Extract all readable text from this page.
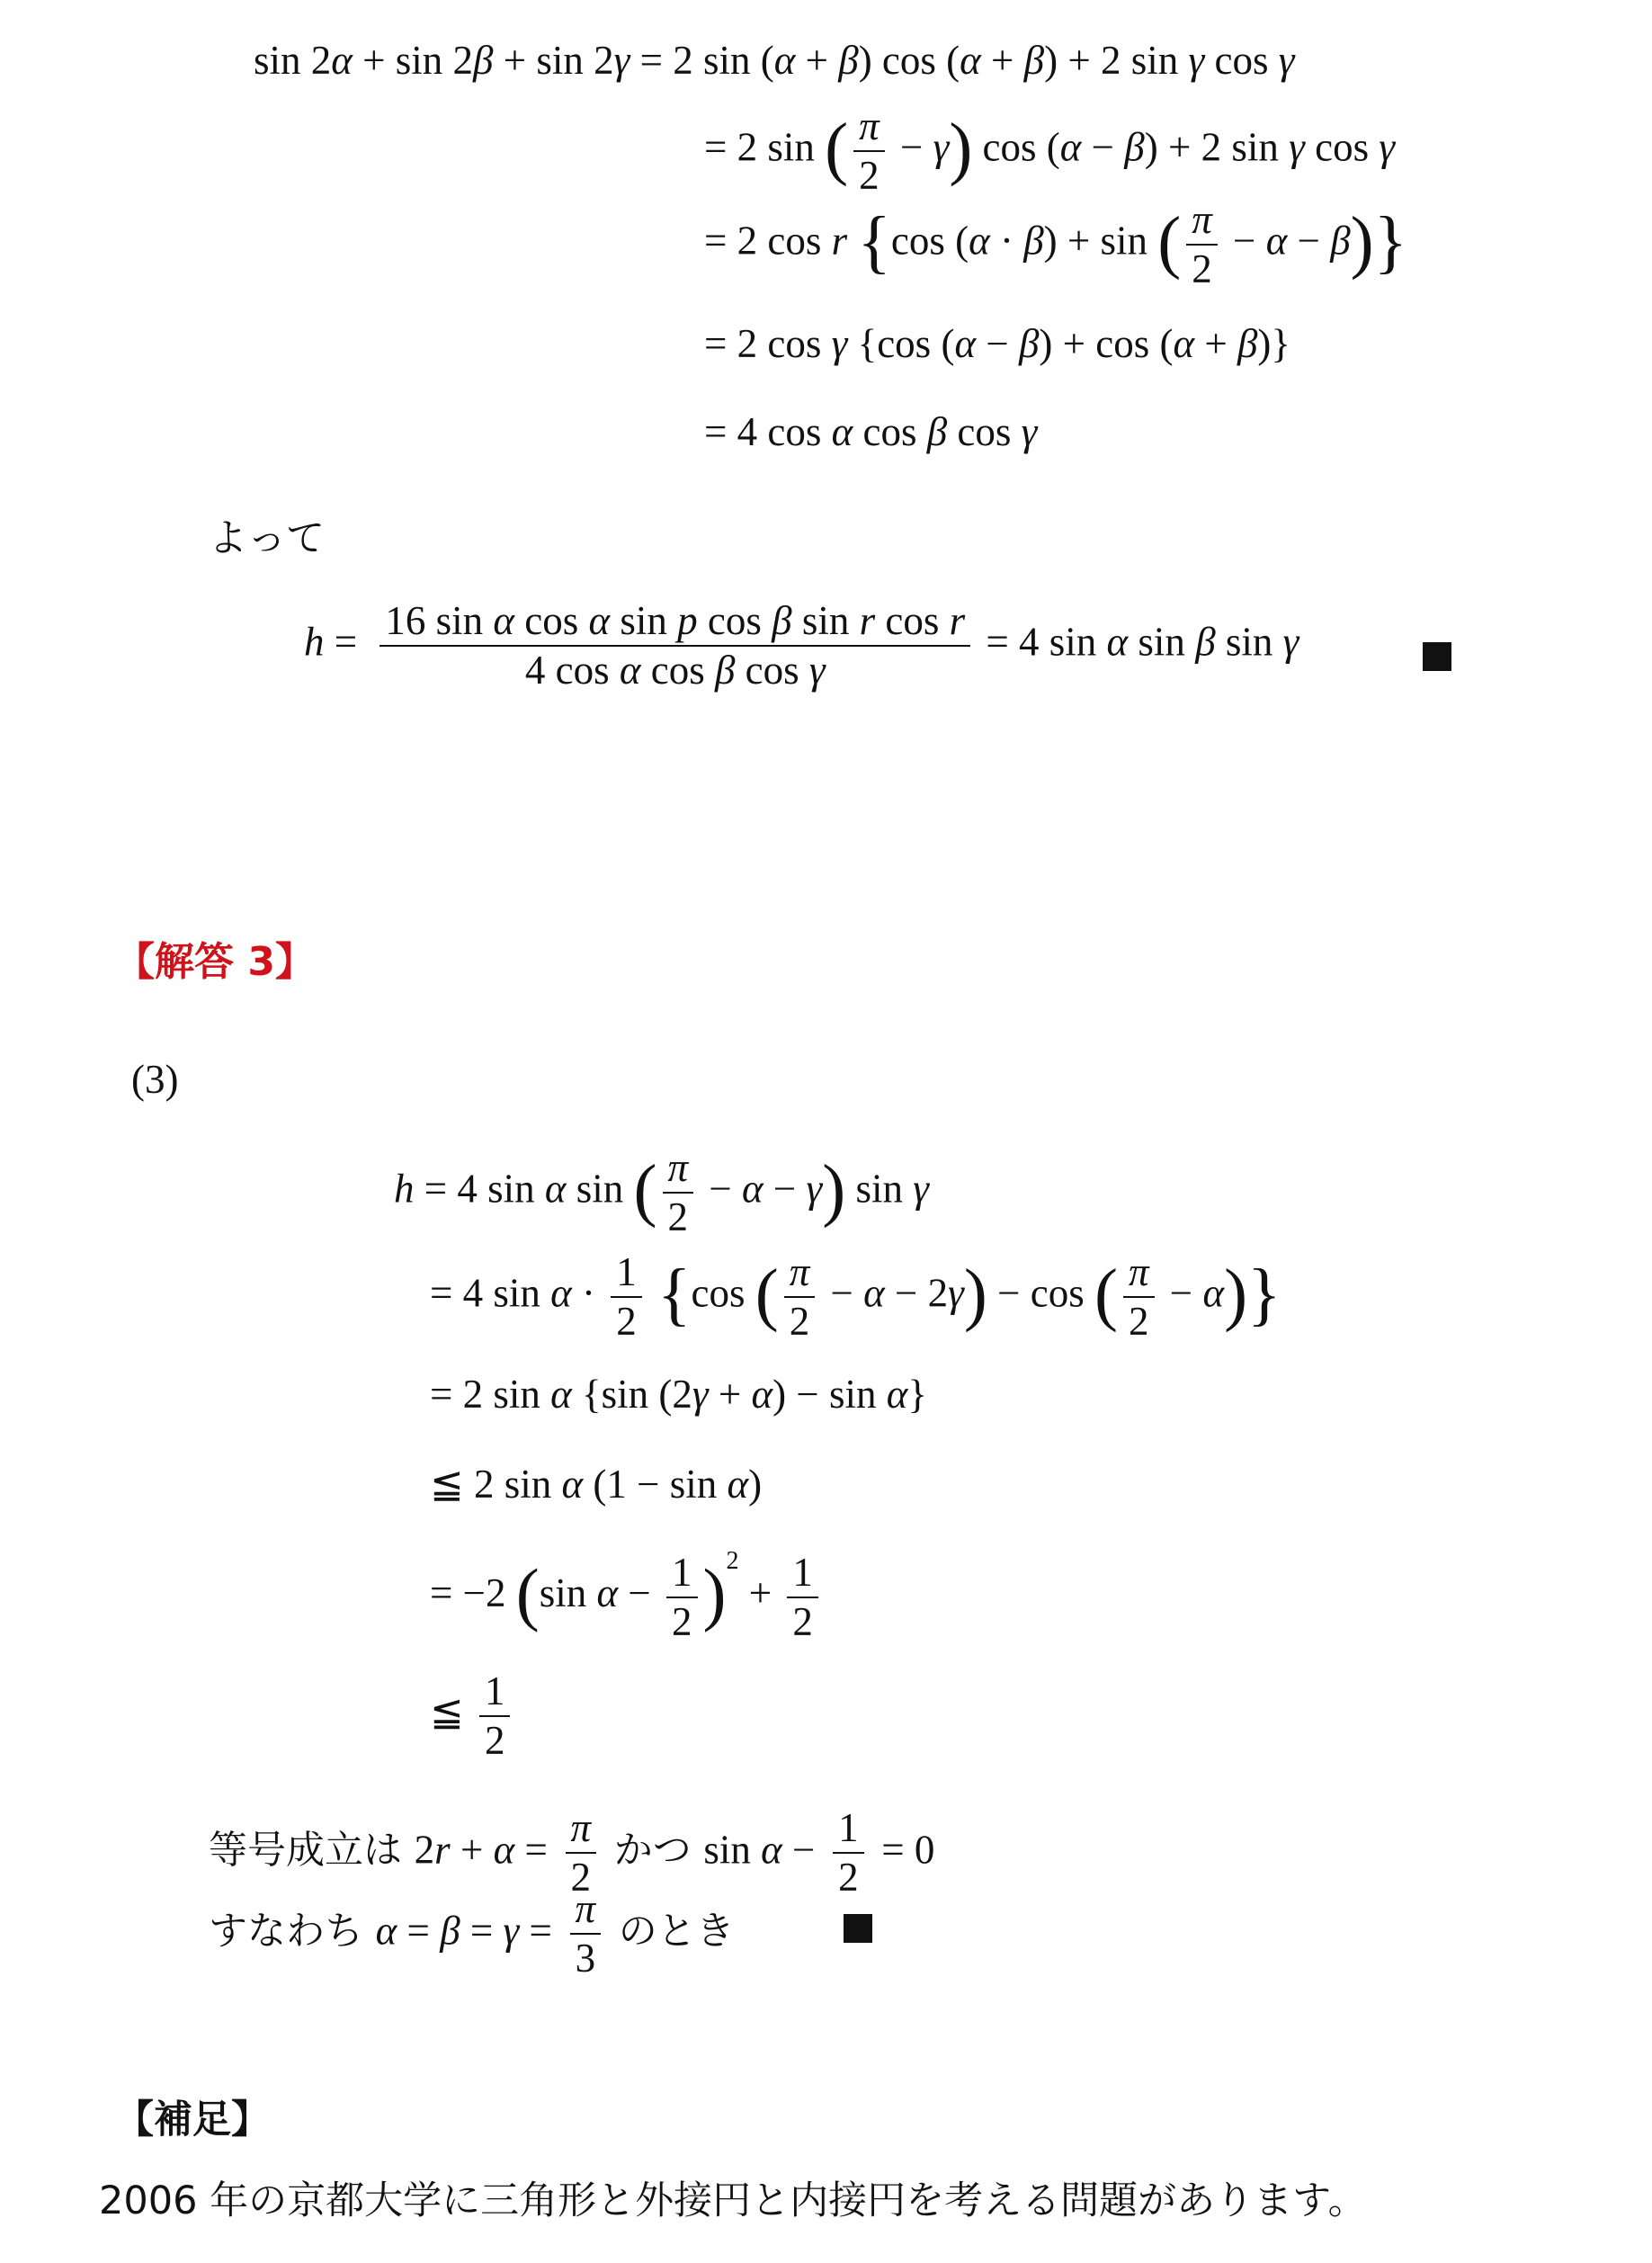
sin 2α + sin 2β + sin 2γ = 2 sin (α + β) cos (α + β) + 2 sin γ cos γ
= 2 sin ( $\frac{\pi}{2} - \gamma$) cos (α − β) + 2 sin γ cos γ
= 2 cos r {cos (α · β) + sin ( $\frac{\pi}{2} - \alpha - \beta$)}
= 2 cos γ {cos (α − β) + cos (α + β)}
= 4 cos α cos β cos γ
よって
$h = \frac{\text{16 sin α cos α sin p cos β sin r cos r}}{\text{4 cos α cos β cos γ}} = 4$ sin α sin β sin γ
【解答 3】
(3)
h = 4 sin α sin ( $\frac{\pi}{2} - \alpha - \gamma$) sin γ
= 4 $\sin \alpha \cdot \frac{1}{2} \{\cos$ ( $\frac{\pi}{2} - \alpha - 2\gamma) - \cos$ ( $\frac{\pi}{2} - \alpha$)}
= 2 sin α {sin (2γ + α) − sin α}
≦ 2 sin α (1 − sin α)
= −2 (sin $\alpha - \frac{1}{2} )^2 + \frac{1}{2}$
≦ $\frac{1}{2}$
等号成立は $2r + \alpha = \frac{\pi}{2}$ かつ $\sin \alpha - \frac{1}{2} = 0$
すなわち $\alpha = \beta = \gamma = \frac{\pi}{3}$ のとき
【補足】
2006 年の京都大学に三角形と外接円と内接円を考える問題があります。
